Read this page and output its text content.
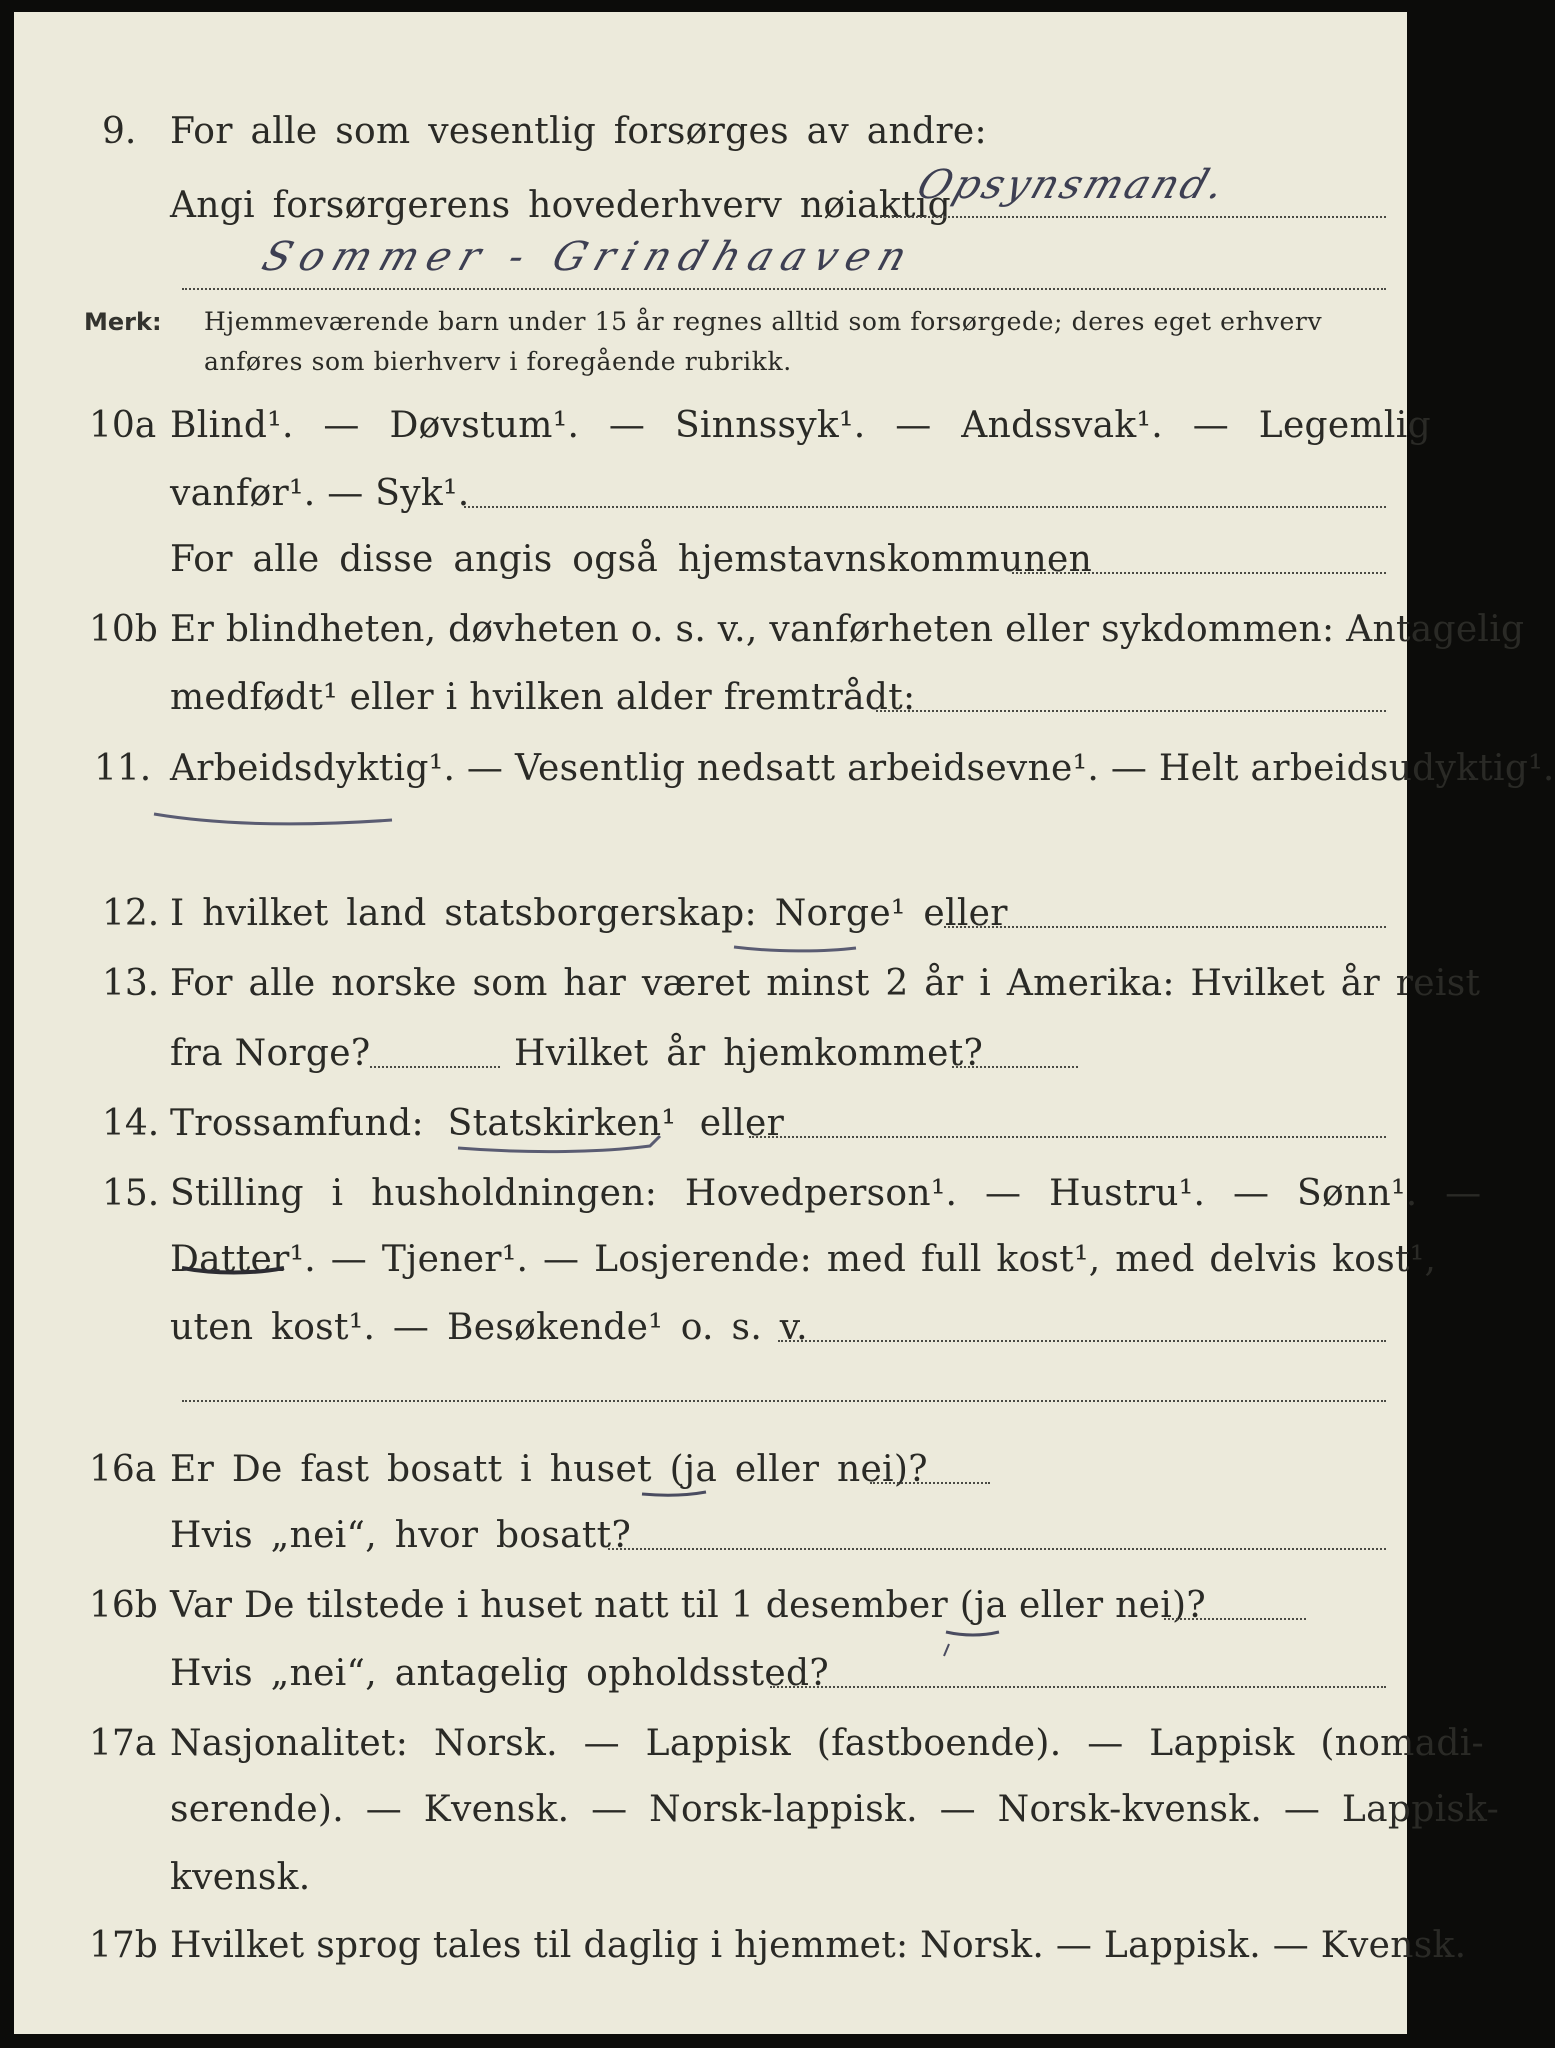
9. For alle som vesentlig forsørges av andre:
Angi forsørgerens hovederhverv nøiaktig
Opsynsmand.
Sommer - Grindhaaven
Merk: Hjemmeværende barn under 15 år regnes alltid som forsørgede; deres eget erhverv
anføres som bierhverv i foregående rubrikk.
10a Blind¹. — Døvstum¹. — Sinnssyk¹. — Andssvak¹. — Legemlig
vanfør¹. — Syk¹.
For alle disse angis også hjemstavnskommunen
10b Er blindheten, døvheten o. s. v., vanførheten eller sykdommen: Antagelig
medfødt¹ eller i hvilken alder fremtrådt:
11. Arbeidsdyktig¹. — Vesentlig nedsatt arbeidsevne¹. — Helt arbeidsudyktig¹.
12. I hvilket land statsborgerskap: Norge¹ eller
13. For alle norske som har været minst 2 år i Amerika: Hvilket år reist
fra Norge?	Hvilket år hjemkommet?
14. Trossamfund: Statskirken¹ eller
15. Stilling i husholdningen: Hovedperson¹. — Hustru¹. — Sønn¹. —
Datter¹. — Tjener¹. — Losjerende: med full kost¹, med delvis kost¹,
uten kost¹. — Besøkende¹ o. s. v.
16a Er De fast bosatt i huset (ja eller nei)?
Hvis „nei“, hvor bosatt?
16b Var De tilstede i huset natt til 1 desember (ja eller nei)?
Hvis „nei“, antagelig opholdssted?
17a Nasjonalitet: Norsk. — Lappisk (fastboende). — Lappisk (nomadi-
serende). — Kvensk. — Norsk-lappisk. — Norsk-kvensk. — Lappisk-
kvensk.
17b Hvilket sprog tales til daglig i hjemmet: Norsk. — Lappisk. — Kvensk.
